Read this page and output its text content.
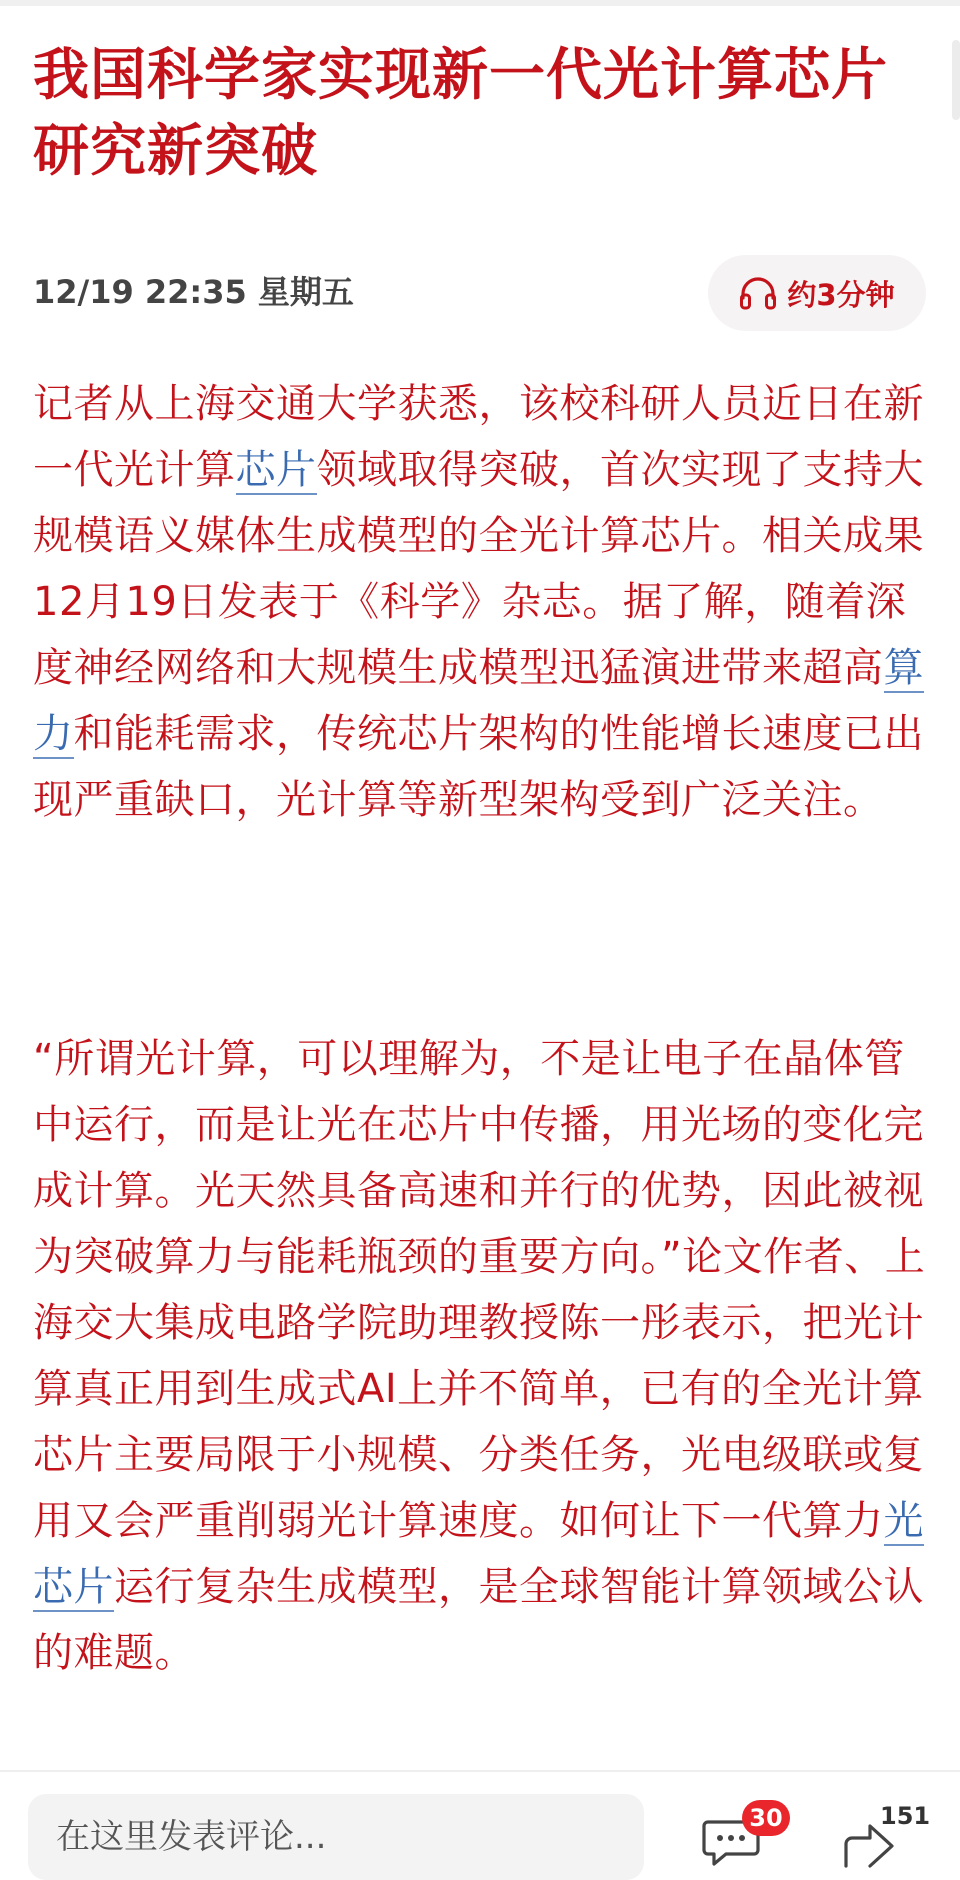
我国科学家实现新一代光计算芯片研究新突破
12/19 22:35 星期五	约3分钟

记者从上海交通大学获悉，该校科研人员近日在新一代光计算芯片领域取得突破，首次实现了支持大规模语义媒体生成模型的全光计算芯片。相关成果12月19日发表于《科学》杂志。据了解，随着深度神经网络和大规模生成模型迅猛演进带来超高算力和能耗需求，传统芯片架构的性能增长速度已出现严重缺口，光计算等新型架构受到广泛关注。

“所谓光计算，可以理解为，不是让电子在晶体管中运行，而是让光在芯片中传播，用光场的变化完成计算。光天然具备高速和并行的优势，因此被视为突破算力与能耗瓶颈的重要方向。”论文作者、上海交大集成电路学院助理教授陈一彤表示，把光计算真正用到生成式AI上并不简单，已有的全光计算芯片主要局限于小规模、分类任务，光电级联或复用又会严重削弱光计算速度。如何让下一代算力光芯片运行复杂生成模型，是全球智能计算领域公认的难题。

在这里发表评论...
30	151
